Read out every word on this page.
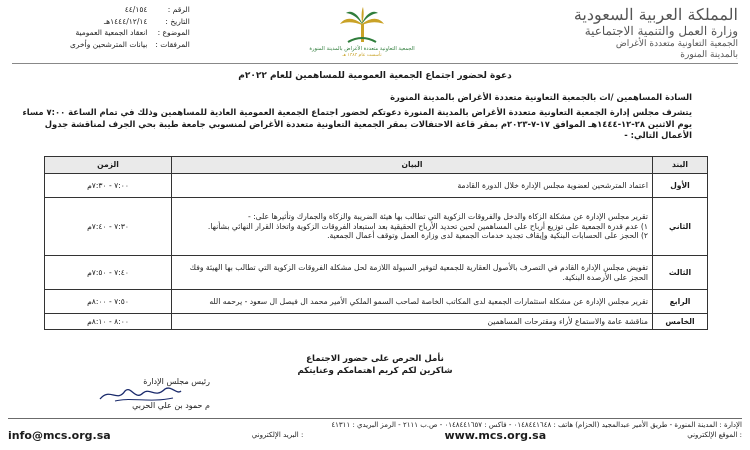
الرقم : ٤٤/١٥٤
التاريخ : ١٤٤٤/١٢/١٤هـ
الموضوع : انعقاد الجمعية العمومية
المرفقات : بيانات المترشحين وأخرى
الجمعية التعاونية متعددة الأغراض بالمدينة المنورة
تأسست عام ١٣٨٣ هـ
المملكة العربية السعودية
وزارة العمل والتنمية الاجتماعية
الجمعية التعاونية متعددة الأغراض
بالمدينة المنورة
دعوة لحضور اجتماع الجمعية العمومية للمساهمين للعام ٢٠٢٢م
السادة المساهمين /ات بالجمعية التعاونية متعددة الأغراض بالمدينة المنورة
يتشرف مجلس إدارة الجمعية التعاونية متعددة الأغراض بالمدينة المنورة دعوتكم لحضور اجتماع الجمعية العمومية العادية للمساهمين وذلك في تمام الساعة ٧:٠٠ مساء يوم الاثنين ٢٨-١٢-١٤٤٤هـ الموافق ١٧-٧-٢٠٢٣م بمقر قاعة الاحتفالات بمقر الجمعية التعاونية متعددة الأغراض لمنسوبي جامعة طيبة بحي الجرف لمناقشة جدول الأعمال التالي: -
البند	البيان	الزمن
الأول	اعتماد المترشحين لعضوية مجلس الإدارة خلال الدورة القادمة	٧:٠٠ - ٧:٣٠م
الثاني	تقرير مجلس الإدارة عن مشكلة الزكاة والدخل والفروقات الزكوية التي تطالب بها هيئة الضريبة والزكاة والجمارك وتأثيرها على: -
١) عدم قدرة الجمعية على توزيع أرباح على المساهمين لحين تحديد الأرباح الحقيقية بعد استبعاد الفروقات الزكوية واتخاذ القرار النهائي بشأنها.
٢) الحجز على الحسابات البنكية وإيقاف تجديد خدمات الجمعية لدى وزارة العمل وتوقف أعمال الجمعية.	٧:٣٠ - ٧:٤٠م
الثالث	تفويض مجلس الإدارة القادم في التصرف بالأصول العقارية للجمعية لتوفير السيولة اللازمة لحل مشكلة الفروقات الزكوية التي تطالب بها الهيئة وفك الحجز على الأرصدة البنكية.	٧:٤٠ - ٧:٥٠م
الرابع	تقرير مجلس الإدارة عن مشكلة استثمارات الجمعية لدى المكاتب الخاصة لصاحب السمو الملكي الأمير محمد ال فيصل ال سعود - يرحمه الله	٧:٥٠ - ٨:٠٠م
الخامس	مناقشة عامة والاستماع لأراء ومقترحات المساهمين	٨:٠٠ - ٨:١٠م
نأمل الحرص على حضور الاجتماع
شاكرين لكم كريم اهتمامكم وعنايتكم
رئيس مجلس الإدارة
م حمود بن علي الحربي
الإدارة : المدينة المنورة - طريق الأمير عبدالمجيد (الحزام) هاتف : ٠١٤٨٤٤١٦٤٨ - فاكس : ٠١٤٨٤٤١٦٥٧ - ص.ب ٢١١١ - الرمز البريدي : ٤١٣١١
info@mcs.org.sa	البريد الإلكتروني :	www.mcs.org.sa	الموقع الإلكتروني :
